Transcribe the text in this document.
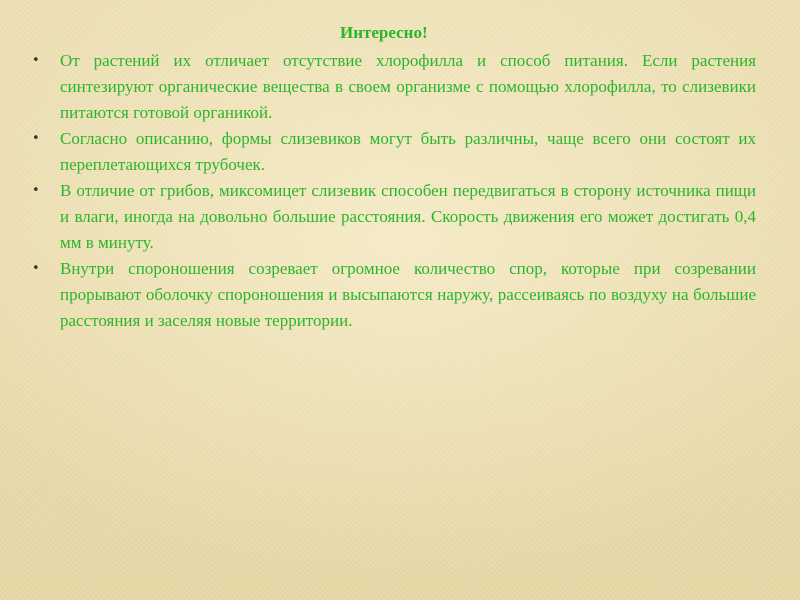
Интересно!
• От растений их отличает отсутствие хлорофилла и способ питания. Если растения синтезируют органические вещества в своем организме с помощью хлорофилла, то слизевики питаются готовой органикой.
• Согласно описанию, формы слизевиков могут быть различны, чаще всего они состоят их переплетающихся трубочек.
• В отличие от грибов, миксомицет слизевик способен передвигаться в сторону источника пищи и влаги, иногда на довольно большие расстояния. Скорость движения его может достигать 0,4 мм в минуту.
• Внутри спороношения созревает огромное количество спор, которые при созревании прорывают оболочку спороношения и высыпаются наружу, рассеиваясь по воздуху на большие расстояния и заселяя новые территории.
